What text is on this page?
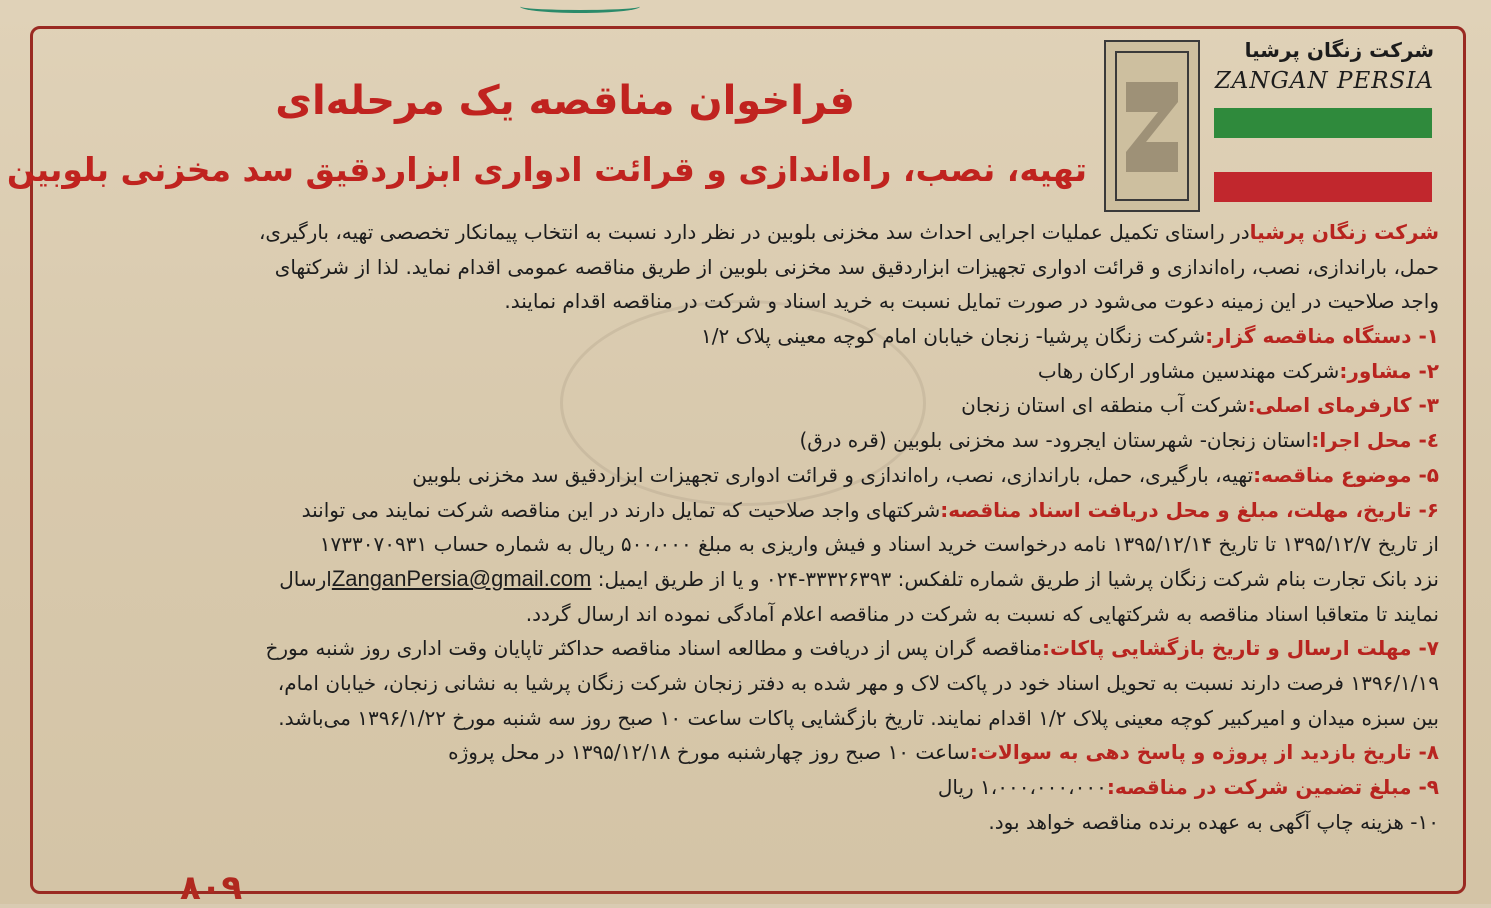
شرکت زنگان پرشیا
ZANGAN PERSIA
فراخوان مناقصه یک مرحله‌ای
تهیه، نصب، راه‌اندازی و قرائت ادواری ابزاردقیق سد مخزنی بلوبین
شرکت زنگان پرشیادر راستای تکمیل عملیات اجرایی احداث سد مخزنی بلوبین در نظر دارد نسبت به انتخاب پیمانکار تخصصی تهیه، بارگیری،
حمل، باراندازی، نصب، راه‌اندازی و قرائت ادواری تجهیزات ابزاردقیق سد مخزنی بلوبین از طریق مناقصه عمومی اقدام نماید. لذا از شرکتهای
واجد صلاحیت در این زمینه دعوت می‌شود در صورت تمایل نسبت به خرید اسناد و شرکت در مناقصه اقدام نمایند.
۱- دستگاه مناقصه گزار:شرکت زنگان پرشیا- زنجان خیابان امام کوچه معینی پلاک ۱/۲
۲- مشاور:شرکت مهندسین مشاور ارکان رهاب
۳- کارفرمای اصلی:شرکت آب منطقه ای استان زنجان
٤- محل اجرا:استان زنجان- شهرستان ایجرود- سد مخزنی بلوبین (قره درق)
۵- موضوع مناقصه:تهیه، بارگیری، حمل، باراندازی، نصب، راه‌اندازی و قرائت ادواری تجهیزات ابزاردقیق سد مخزنی بلوبین
۶- تاریخ، مهلت، مبلغ و محل دریافت اسناد مناقصه:شرکتهای واجد صلاحیت که تمایل دارند در این مناقصه شرکت نمایند می توانند
از تاریخ ۱۳۹۵/۱۲/۷ تا تاریخ ۱۳۹۵/۱۲/۱۴ نامه درخواست خرید اسناد و فیش واریزی به مبلغ ۵۰۰،۰۰۰ ریال به شماره حساب ۱۷۳۳۰۷۰۹۳۱
نزد بانک تجارت بنام شرکت زنگان پرشیا از طریق شماره تلفکس: ۳۳۳۲۶۳۹۳-۰۲۴ و یا از طریق ایمیل: ZanganPersia@gmail.comارسال
نمایند تا متعاقبا اسناد مناقصه به شرکتهایی که نسبت به شرکت در مناقصه اعلام آمادگی نموده اند ارسال گردد.
۷- مهلت ارسال و تاریخ بازگشایی پاکات:مناقصه گران پس از دریافت و مطالعه اسناد مناقصه حداکثر تاپایان وقت اداری روز شنبه مورخ
۱۳۹۶/۱/۱۹ فرصت دارند نسبت به تحویل اسناد خود در پاکت لاک و مهر شده به دفتر زنجان شرکت زنگان پرشیا به نشانی زنجان، خیابان امام،
بین سبزه میدان و امیرکبیر کوچه معینی پلاک ۱/۲ اقدام نمایند. تاریخ بازگشایی پاکات ساعت ۱۰ صبح روز سه شنبه مورخ ۱۳۹۶/۱/۲۲ می‌باشد.
۸- تاریخ بازدید از پروژه و پاسخ دهی به سوالات:ساعت ۱۰ صبح روز چهارشنبه مورخ ۱۳۹۵/۱۲/۱۸ در محل پروژه
۹- مبلغ تضمین شرکت در مناقصه:۱،۰۰۰،۰۰۰،۰۰۰ ریال
۱۰- هزینه چاپ آگهی به عهده برنده مناقصه خواهد بود.
۸۰۹
